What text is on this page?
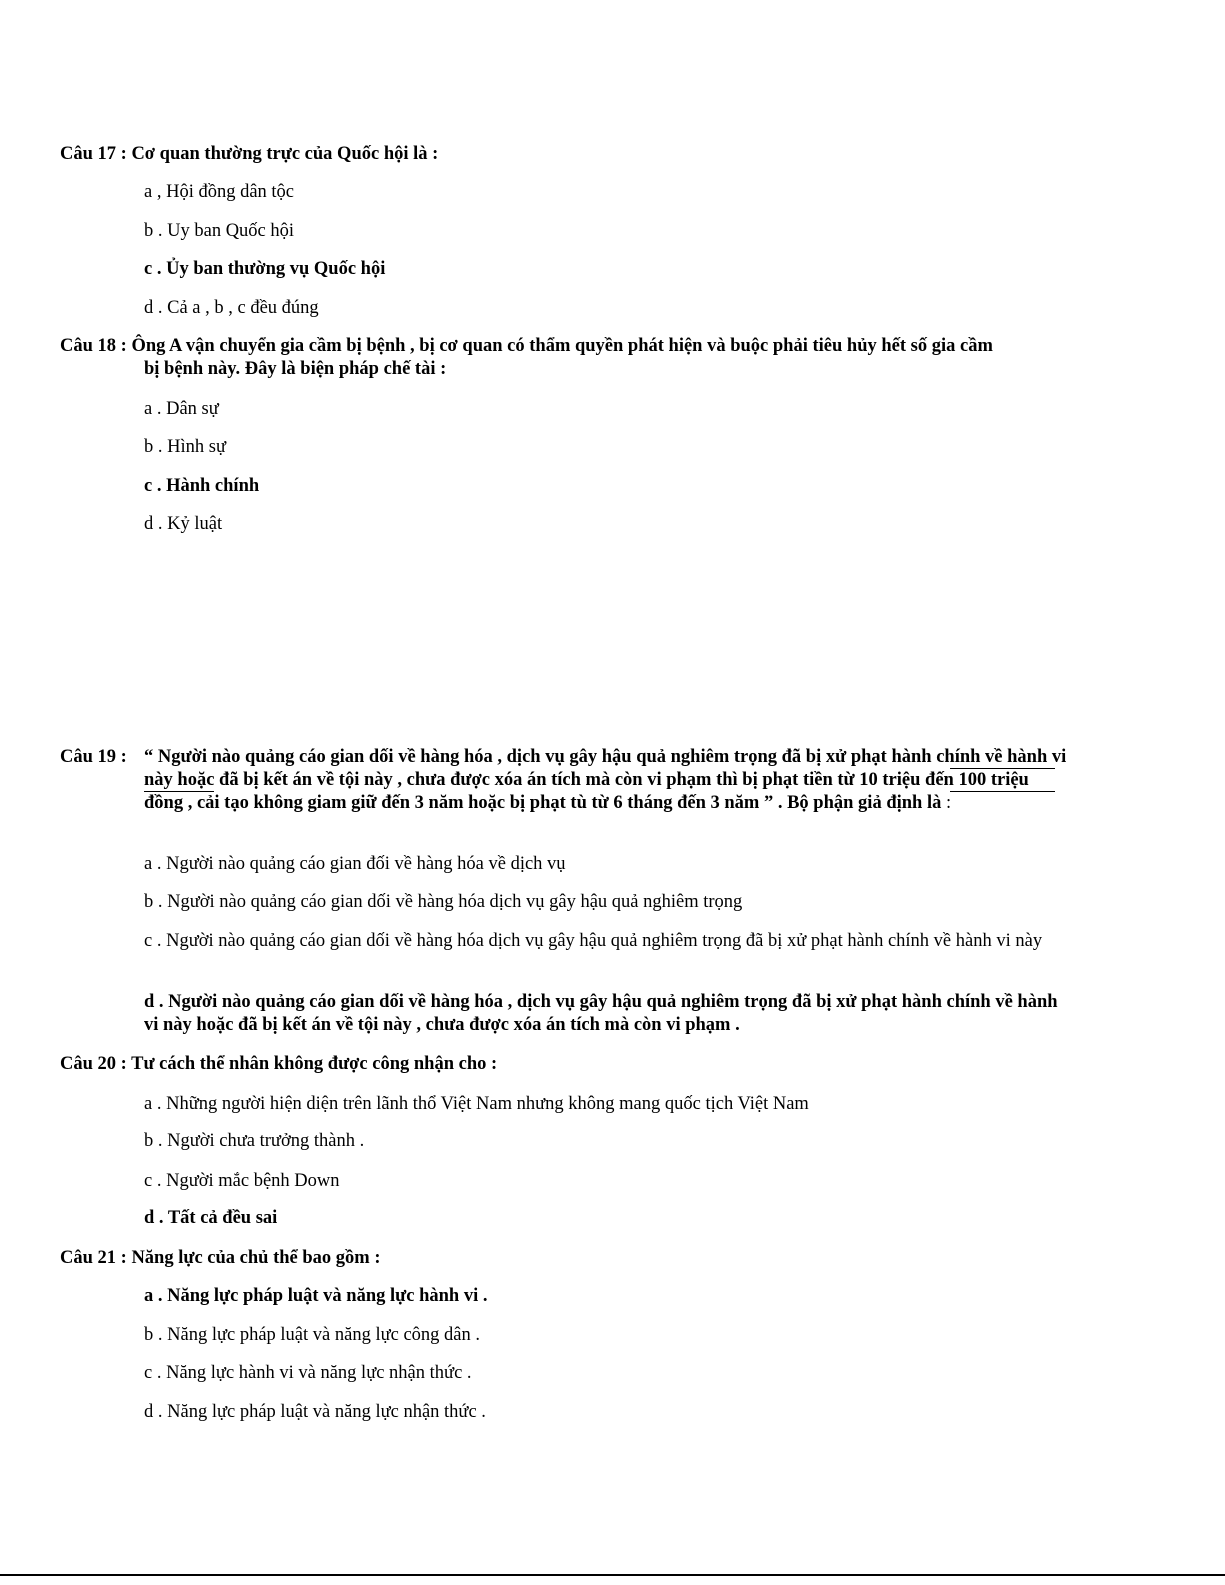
Câu 17 : Cơ quan thường trực của Quốc hội là :
a , Hội đồng dân tộc
b . Uy ban Quốc hội
c . Ủy ban thường vụ Quốc hội
d . Cả a , b , c đều đúng
Câu 18 : Ông A vận chuyển gia cầm bị bệnh , bị cơ quan có thẩm quyền phát hiện và buộc phải tiêu hủy hết số gia cầm
bị bệnh này. Đây là biện pháp chế tài :
a . Dân sự
b . Hình sự
c . Hành chính
d . Kỷ luật
Câu 19 : “ Người nào quảng cáo gian dối về hàng hóa , dịch vụ gây hậu quả nghiêm trọng đã bị xử phạt hành chính về hành vi này hoặc đã bị kết án về tội này , chưa được xóa án tích mà còn vi phạm thì bị phạt tiền từ 10 triệu đến 100 triệu đồng , cải tạo không giam giữ đến 3 năm hoặc bị phạt tù từ 6 tháng đến 3 năm ” . Bộ phận giả định là :
a . Người nào quảng cáo gian đối về hàng hóa về dịch vụ
b . Người nào quảng cáo gian dối về hàng hóa dịch vụ gây hậu quả nghiêm trọng
c . Người nào quảng cáo gian dối về hàng hóa dịch vụ gây hậu quả nghiêm trọng đã bị xử phạt hành chính về hành vi này
d . Người nào quảng cáo gian dối về hàng hóa , dịch vụ gây hậu quả nghiêm trọng đã bị xử phạt hành chính về hành vi này hoặc đã bị kết án về tội này , chưa được xóa án tích mà còn vi phạm .
Câu 20 : Tư cách thể nhân không được công nhận cho :
a . Những người hiện diện trên lãnh thổ Việt Nam nhưng không mang quốc tịch Việt Nam
b . Người chưa trưởng thành .
c . Người mắc bệnh Down
d . Tất cả đều sai
Câu 21 : Năng lực của chủ thể bao gồm :
a . Năng lực pháp luật và năng lực hành vi .
b . Năng lực pháp luật và năng lực công dân .
c . Năng lực hành vi và năng lực nhận thức .
d . Năng lực pháp luật và năng lực nhận thức .
